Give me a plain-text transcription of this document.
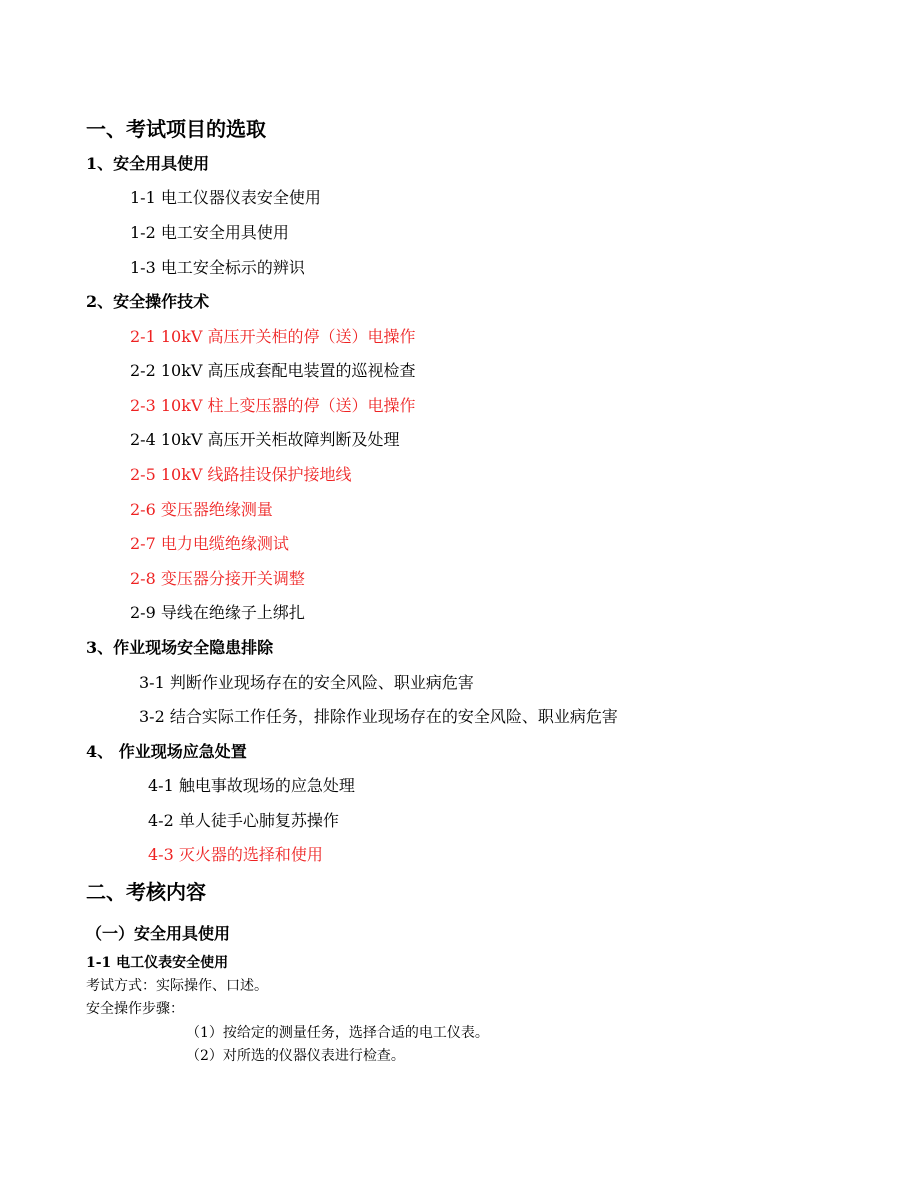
一、考试项目的选取
1、安全用具使用
1-1 电工仪器仪表安全使用
1-2 电工安全用具使用
1-3 电工安全标示的辨识
2、安全操作技术
2-1 10kV 高压开关柜的停（送）电操作
2-2 10kV 高压成套配电装置的巡视检查
2-3 10kV 柱上变压器的停（送）电操作
2-4 10kV 高压开关柜故障判断及处理
2-5 10kV 线路挂设保护接地线
2-6 变压器绝缘测量
2-7 电力电缆绝缘测试
2-8 变压器分接开关调整
2-9 导线在绝缘子上绑扎
3、作业现场安全隐患排除
3-1 判断作业现场存在的安全风险、职业病危害
3-2 结合实际工作任务，排除作业现场存在的安全风险、职业病危害
4、 作业现场应急处置
4-1 触电事故现场的应急处理
4-2 单人徒手心肺复苏操作
4-3 灭火器的选择和使用
二、考核内容
（一）安全用具使用
1-1 电工仪表安全使用
考试方式：实际操作、口述。
安全操作步骤：
（1）按给定的测量任务，选择合适的电工仪表。
（2）对所选的仪器仪表进行检查。
